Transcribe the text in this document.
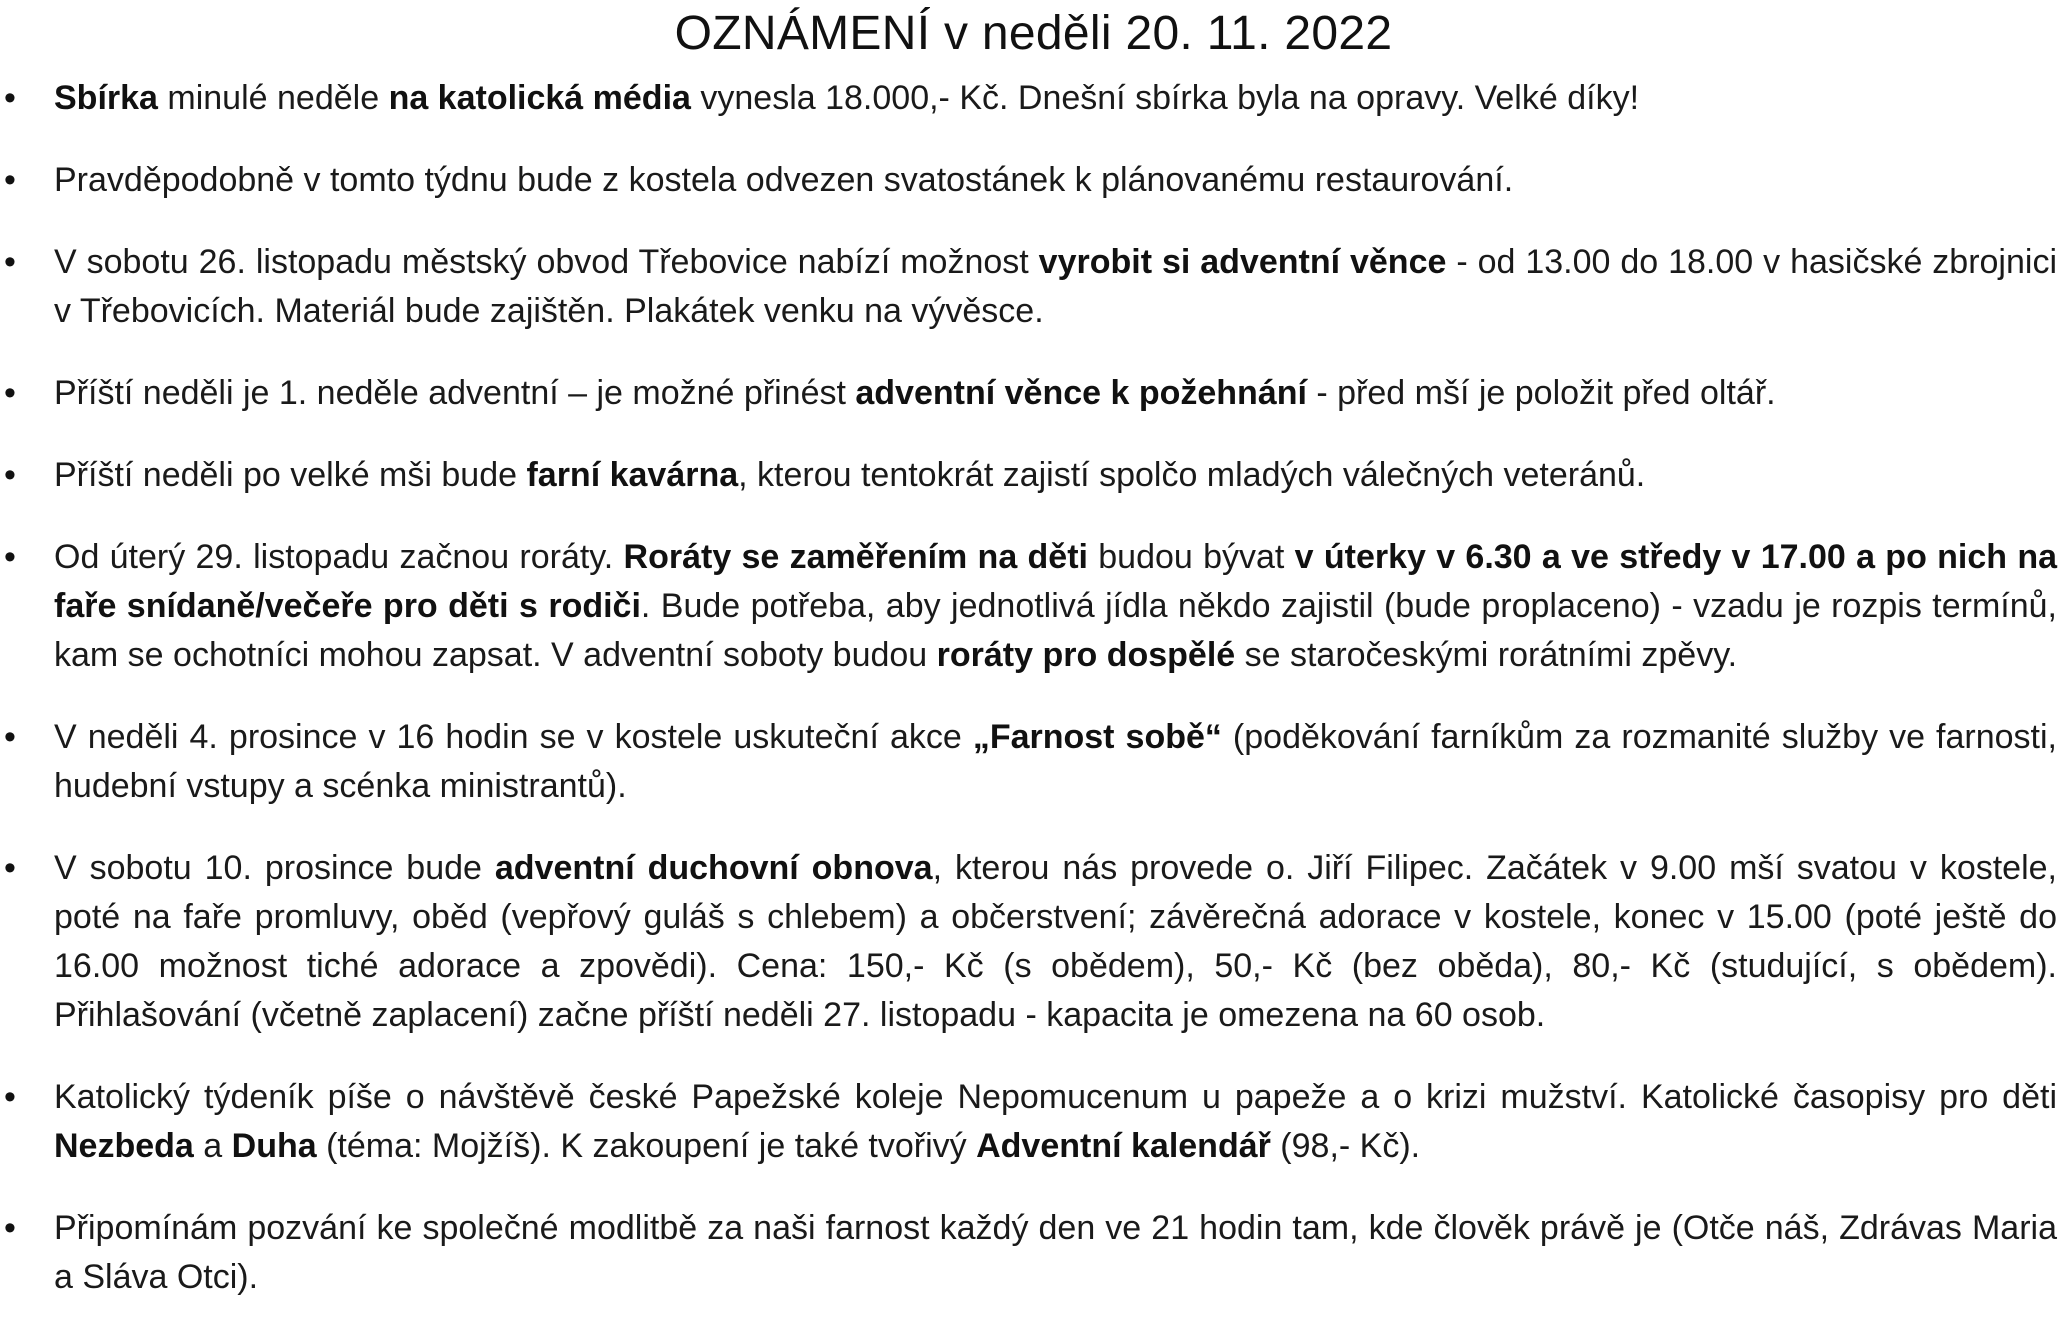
OZNÁMENÍ v neděli 20. 11. 2022
• Sbírka minulé neděle na katolická média vynesla 18.000,- Kč. Dnešní sbírka byla na opravy. Velké díky!
• Pravděpodobně v tomto týdnu bude z kostela odvezen svatostánek k plánovanému restaurování.
• V sobotu 26. listopadu městský obvod Třebovice nabízí možnost vyrobit si adventní věnce - od 13.00 do 18.00 v hasičské zbrojnici v Třebovicích. Materiál bude zajištěn. Plakátek venku na vývěsce.
• Příští neděli je 1. neděle adventní – je možné přinést adventní věnce k požehnání - před mší je položit před oltář.
• Příští neděli po velké mši bude farní kavárna, kterou tentokrát zajistí spolčo mladých válečných veteránů.
• Od úterý 29. listopadu začnou roráty. Roráty se zaměřením na děti budou bývat v úterky v 6.30 a ve středy v 17.00 a po nich na faře snídaně/večeře pro děti s rodiči. Bude potřeba, aby jednotlivá jídla někdo zajistil (bude proplaceno) - vzadu je rozpis termínů, kam se ochotníci mohou zapsat. V adventní soboty budou roráty pro dospělé se staročeskými rorátními zpěvy.
• V neděli 4. prosince v 16 hodin se v kostele uskuteční akce „Farnost sobě“ (poděkování farníkům za rozmanité služby ve farnosti, hudební vstupy a scénka ministrantů).
• V sobotu 10. prosince bude adventní duchovní obnova, kterou nás provede o. Jiří Filipec. Začátek v 9.00 mší svatou v kostele, poté na faře promluvy, oběd (vepřový guláš s chlebem) a občerstvení; závěrečná adorace v kostele, konec v 15.00 (poté ještě do 16.00 možnost tiché adorace a zpovědi). Cena: 150,- Kč (s obědem), 50,- Kč (bez oběda), 80,- Kč (studující, s obědem). Přihlašování (včetně zaplacení) začne příští neděli 27. listopadu - kapacita je omezena na 60 osob.
• Katolický týdeník píše o návštěvě české Papežské koleje Nepomucenum u papeže a o krizi mužství. Katolické časopisy pro děti Nezbeda a Duha (téma: Mojžíš). K zakoupení je také tvořivý Adventní kalendář (98,- Kč).
• Připomínám pozvání ke společné modlitbě za naši farnost každý den ve 21 hodin tam, kde člověk právě je (Otče náš, Zdrávas Maria a Sláva Otci).
